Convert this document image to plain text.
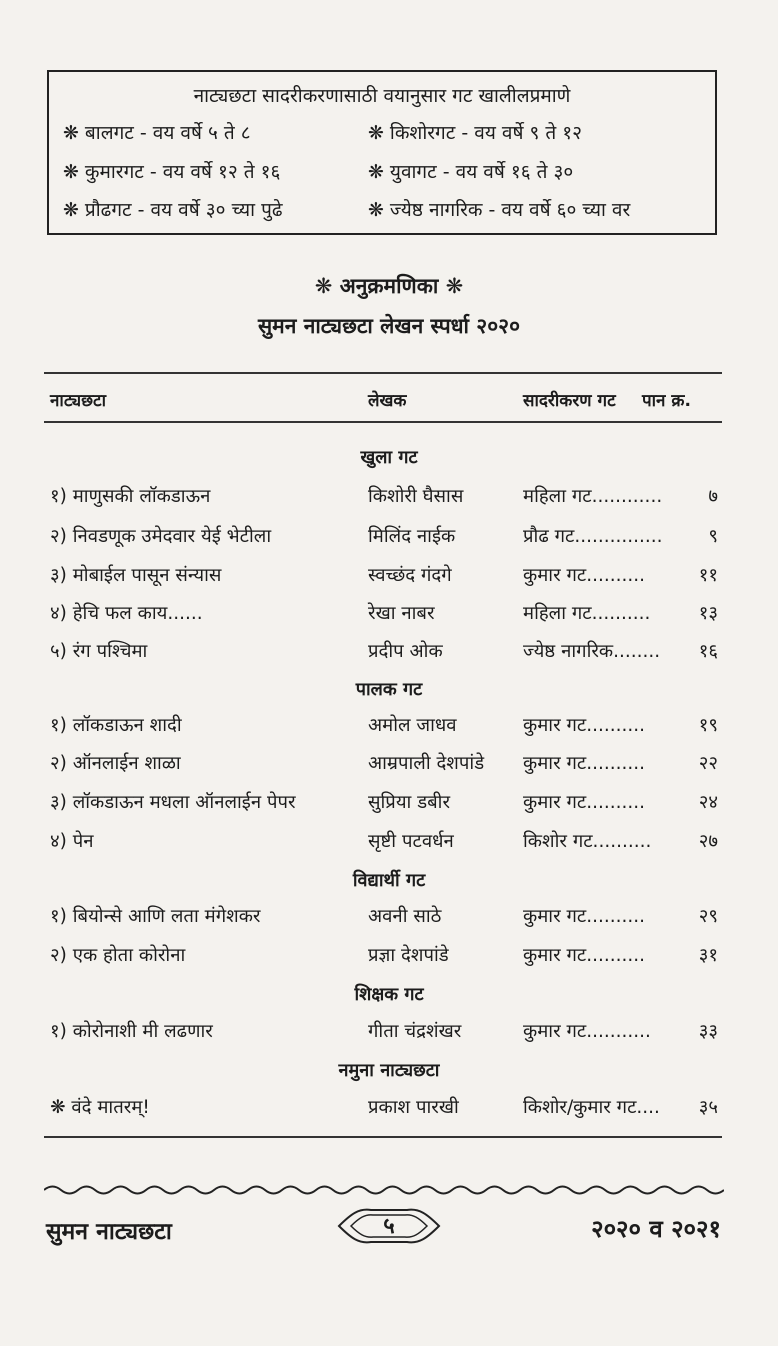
नाट्यछटा सादरीकरणासाठी वयानुसार गट खालीलप्रमाणे
❋ बालगट - वय वर्षे ५ ते ८	❋ किशोरगट - वय वर्षे ९ ते १२
❋ कुमारगट - वय वर्षे १२ ते १६	❋ युवागट - वय वर्षे १६ ते ३०
❋ प्रौढगट - वय वर्षे ३० च्या पुढे	❋ ज्येष्ठ नागरिक - वय वर्षे ६० च्या वर
❋ अनुक्रमणिका ❋
सुमन नाट्यछटा लेखन स्पर्धा २०२०
नाट्यछटा	लेखक	सादरीकरण गट पान क्र.
खुला गट
१) माणुसकी लॉकडाऊन	किशोरी घैसास	महिला गट............	७
२) निवडणूक उमेदवार येई भेटीला	मिलिंद नाईक	प्रौढ गट...............	९
३) मोबाईल पासून संन्यास	स्वच्छंद गंदगे	कुमार गट..........	११
४) हेचि फल काय......	रेखा नाबर	महिला गट..........	१३
५) रंग पश्चिमा	प्रदीप ओक	ज्येष्ठ नागरिक........	१६
पालक गट
१) लॉकडाऊन शादी	अमोल जाधव	कुमार गट..........	१९
२) ऑनलाईन शाळा	आम्रपाली देशपांडे कुमार गट..........	२२
३) लॉकडाऊन मधला ऑनलाईन पेपर	सुप्रिया डबीर	कुमार गट..........	२४
४) पेन	सृष्टी पटवर्धन	किशोर गट..........	२७
विद्यार्थी गट
१) बियोन्से आणि लता मंगेशकर	अवनी साठे	कुमार गट..........	२९
२) एक होता कोरोना	प्रज्ञा देशपांडे	कुमार गट..........	३१
शिक्षक गट
१) कोरोनाशी मी लढणार	गीता चंद्रशंखर	कुमार गट...........	३३
नमुना नाट्यछटा
❋ वंदे मातरम्!	प्रकाश पारखी	किशोर/कुमार गट....	३५
सुमन नाट्यछटा	५	२०२० व २०२१
